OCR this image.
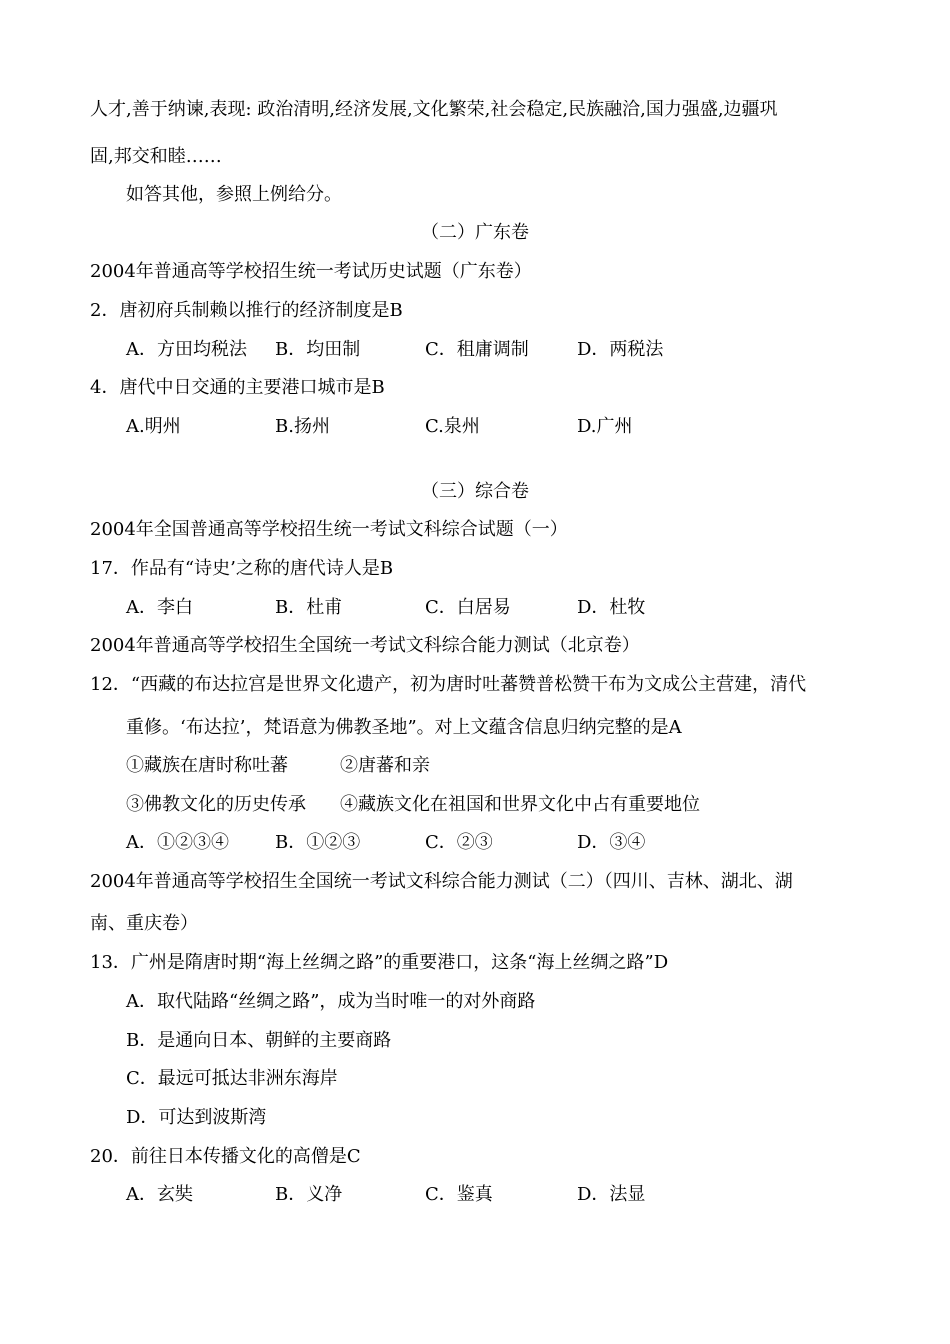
人才,善于纳谏,表现: 政治清明,经济发展,文化繁荣,社会稳定,民族融洽,国力强盛,边疆巩
固,邦交和睦……
如答其他，参照上例给分。
（二）广东卷
2004年普通高等学校招生统一考试历史试题（广东卷）
2．唐初府兵制赖以推行的经济制度是B
A．方田均税法 B．均田制	C．租庸调制	D．两税法
4．唐代中日交通的主要港口城市是B
A.明州	B.扬州	C.泉州	D.广州
（三）综合卷
2004年全国普通高等学校招生统一考试文科综合试题（一）
17．作品有“诗史’之称的唐代诗人是B
A．李白	B．杜甫	C．白居易	D．杜牧
2004年普通高等学校招生全国统一考试文科综合能力测试（北京卷）
12．“西藏的布达拉宫是世界文化遗产，初为唐时吐蕃赞普松赞干布为文成公主营建，清代
重修。‘布达拉’，梵语意为佛教圣地”。对上文蕴含信息归纳完整的是A
①藏族在唐时称吐蕃	②唐蕃和亲
③佛教文化的历史传承 ④藏族文化在祖国和世界文化中占有重要地位
A．①②③④	B．①②③	C．②③	D．③④
2004年普通高等学校招生全国统一考试文科综合能力测试（二）（四川、吉林、湖北、湖
南、重庆卷）
13．广州是隋唐时期“海上丝绸之路”的重要港口，这条“海上丝绸之路”D
A．取代陆路“丝绸之路”，成为当时唯一的对外商路
B．是通向日本、朝鲜的主要商路
C．最远可抵达非洲东海岸
D．可达到波斯湾
20．前往日本传播文化的高僧是C
A．玄奘	B．义净	C．鉴真	D．法显
